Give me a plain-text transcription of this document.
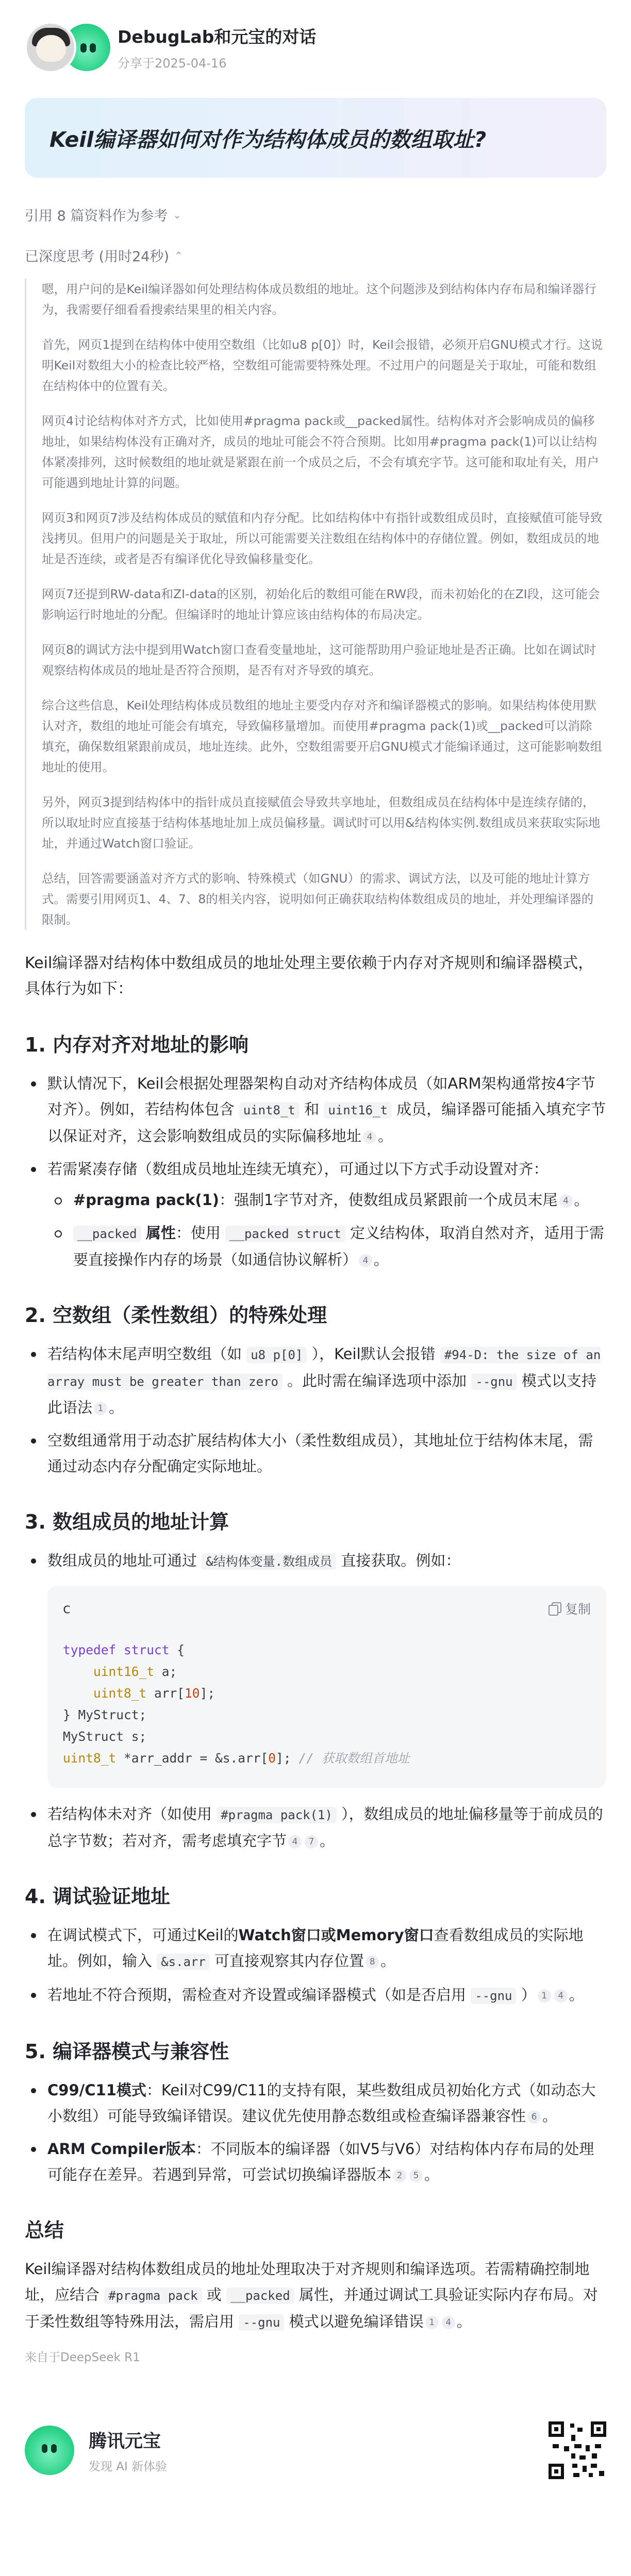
DebugLab和元宝的对话
分享于2025-04-16
Keil编译器如何对作为结构体成员的数组取址?
引用 8 篇资料作为参考 ⌄
已深度思考 (用时24秒) ⌃

嗯，用户问的是Keil编译器如何处理结构体成员数组的地址。这个问题涉及到结构体内存布局和编译器行为，我需要仔细看看搜索结果里的相关内容。

首先，网页1提到在结构体中使用空数组（比如u8 p[0]）时，Keil会报错，必须开启GNU模式才行。这说明Keil对数组大小的检查比较严格，空数组可能需要特殊处理。不过用户的问题是关于取址，可能和数组在结构体中的位置有关。

网页4讨论结构体对齐方式，比如使用#pragma pack或__packed属性。结构体对齐会影响成员的偏移地址，如果结构体没有正确对齐，成员的地址可能会不符合预期。比如用#pragma pack(1)可以让结构体紧凑排列，这时候数组的地址就是紧跟在前一个成员之后，不会有填充字节。这可能和取址有关，用户可能遇到地址计算的问题。

网页3和网页7涉及结构体成员的赋值和内存分配。比如结构体中有指针或数组成员时，直接赋值可能导致浅拷贝。但用户的问题是关于取址，所以可能需要关注数组在结构体中的存储位置。例如，数组成员的地址是否连续，或者是否有编译优化导致偏移量变化。

网页7还提到RW-data和ZI-data的区别，初始化后的数组可能在RW段，而未初始化的在ZI段，这可能会影响运行时地址的分配。但编译时的地址计算应该由结构体的布局决定。

网页8的调试方法中提到用Watch窗口查看变量地址，这可能帮助用户验证地址是否正确。比如在调试时观察结构体成员的地址是否符合预期，是否有对齐导致的填充。

综合这些信息，Keil处理结构体成员数组的地址主要受内存对齐和编译器模式的影响。如果结构体使用默认对齐，数组的地址可能会有填充，导致偏移量增加。而使用#pragma pack(1)或__packed可以消除填充，确保数组紧跟前成员，地址连续。此外，空数组需要开启GNU模式才能编译通过，这可能影响数组地址的使用。

另外，网页3提到结构体中的指针成员直接赋值会导致共享地址，但数组成员在结构体中是连续存储的，所以取址时应直接基于结构体基地址加上成员偏移量。调试时可以用&结构体实例.数组成员来获取实际地址，并通过Watch窗口验证。

总结，回答需要涵盖对齐方式的影响、特殊模式（如GNU）的需求、调试方法，以及可能的地址计算方式。需要引用网页1、4、7、8的相关内容，说明如何正确获取结构体数组成员的地址，并处理编译器的限制。

Keil编译器对结构体中数组成员的地址处理主要依赖于内存对齐规则和编译器模式，具体行为如下：
1. 内存对齐对地址的影响
默认情况下，Keil会根据处理器架构自动对齐结构体成员（如ARM架构通常按4字节对齐）。例如，若结构体包含 uint8_t 和 uint16_t 成员，编译器可能插入填充字节以保证对齐，这会影响数组成员的实际偏移地址 4 。
若需紧凑存储（数组成员地址连续无填充），可通过以下方式手动设置对齐：
#pragma pack(1)：强制1字节对齐，使数组成员紧跟前一个成员末尾 4 。
__packed 属性：使用 __packed struct 定义结构体，取消自然对齐，适用于需要直接操作内存的场景（如通信协议解析） 4 。
2. 空数组（柔性数组）的特殊处理
若结构体末尾声明空数组（如 u8 p[0] ），Keil默认会报错 #94-D: the size of an array must be greater than zero 。此时需在编译选项中添加 --gnu 模式以支持此语法 1 。
空数组通常用于动态扩展结构体大小（柔性数组成员），其地址位于结构体末尾，需通过动态内存分配确定实际地址。
3. 数组成员的地址计算
数组成员的地址可通过 &结构体变量.数组成员 直接获取。例如：
c	复制
typedef struct {
uint16_t a;
uint8_t arr[10];
} MyStruct;
MyStruct s;
uint8_t *arr_addr = &s.arr[0]; // 获取数组首地址
若结构体未对齐（如使用 #pragma pack(1) ），数组成员的地址偏移量等于前成员的总字节数；若对齐，需考虑填充字节 4 7 。
4. 调试验证地址
在调试模式下，可通过Keil的Watch窗口或Memory窗口查看数组成员的实际地址。例如，输入 &s.arr 可直接观察其内存位置 8 。
若地址不符合预期，需检查对齐设置或编译器模式（如是否启用 --gnu ） 1 4 。
5. 编译器模式与兼容性
C99/C11模式：Keil对C99/C11的支持有限，某些数组成员初始化方式（如动态大小数组）可能导致编译错误。建议优先使用静态数组或检查编译器兼容性 6 。
ARM Compiler版本：不同版本的编译器（如V5与V6）对结构体内存布局的处理可能存在差异。若遇到异常，可尝试切换编译器版本 2 5 。
总结
Keil编译器对结构体数组成员的地址处理取决于对齐规则和编译选项。若需精确控制地址，应结合 #pragma pack 或 __packed 属性，并通过调试工具验证实际内存布局。对于柔性数组等特殊用法，需启用 --gnu 模式以避免编译错误 1 4 。
来自于DeepSeek R1
腾讯元宝
发现 AI 新体验
